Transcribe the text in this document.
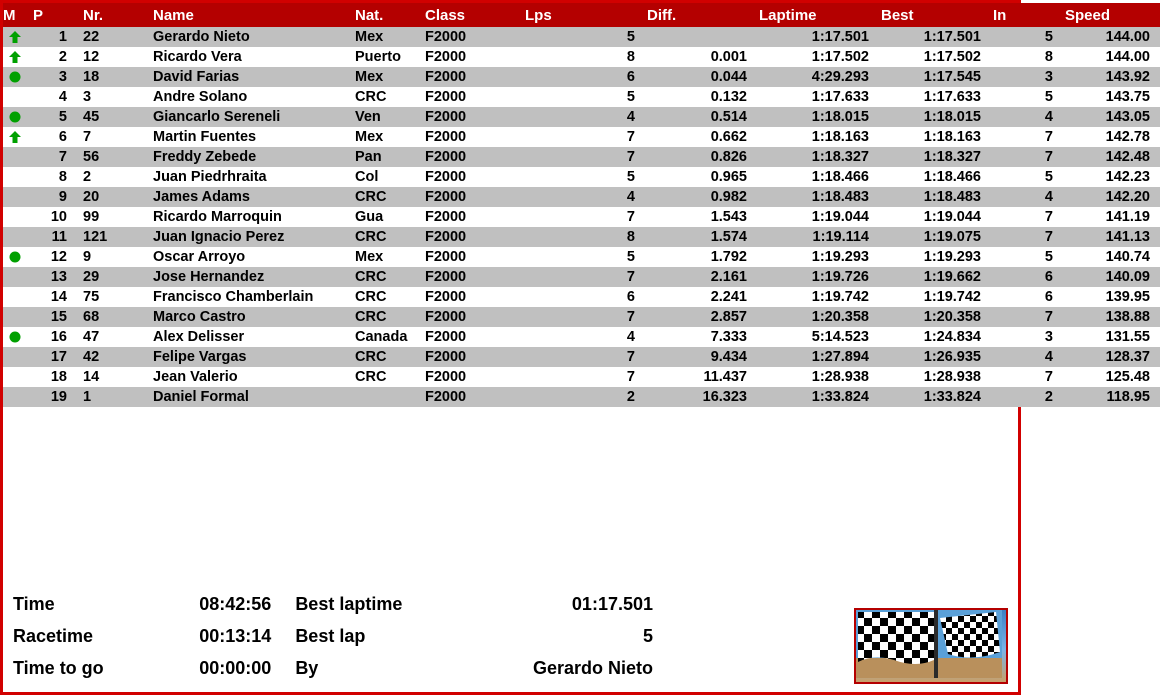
M	P	Nr.	Name	Nat.	Class	Lps	Diff.	Laptime	Best	In	Speed

	1	22	Gerardo Nieto	Mex	F2000	5		1:17.501	1:17.501	5	144.00

	2	12	Ricardo Vera	Puerto	F2000	8	0.001	1:17.502	1:17.502	8	144.00

	3	18	David Farias	Mex	F2000	6	0.044	4:29.293	1:17.545	3	143.92
	4	3	Andre Solano	CRC	F2000	5	0.132	1:17.633	1:17.633	5	143.75

	5	45	Giancarlo Sereneli	Ven	F2000	4	0.514	1:18.015	1:18.015	4	143.05

	6	7	Martin Fuentes	Mex	F2000	7	0.662	1:18.163	1:18.163	7	142.78
	7	56	Freddy Zebede	Pan	F2000	7	0.826	1:18.327	1:18.327	7	142.48
	8	2	Juan Piedrhraita	Col	F2000	5	0.965	1:18.466	1:18.466	5	142.23
	9	20	James Adams	CRC	F2000	4	0.982	1:18.483	1:18.483	4	142.20
	10	99	Ricardo Marroquin	Gua	F2000	7	1.543	1:19.044	1:19.044	7	141.19
	11	121	Juan Ignacio Perez	CRC	F2000	8	1.574	1:19.114	1:19.075	7	141.13

	12	9	Oscar Arroyo	Mex	F2000	5	1.792	1:19.293	1:19.293	5	140.74
	13	29	Jose Hernandez	CRC	F2000	7	2.161	1:19.726	1:19.662	6	140.09
	14	75	Francisco Chamberlain	CRC	F2000	6	2.241	1:19.742	1:19.742	6	139.95
	15	68	Marco Castro	CRC	F2000	7	2.857	1:20.358	1:20.358	7	138.88

	16	47	Alex Delisser	Canada	F2000	4	7.333	5:14.523	1:24.834	3	131.55
	17	42	Felipe Vargas	CRC	F2000	7	9.434	1:27.894	1:26.935	4	128.37
	18	14	Jean Valerio	CRC	F2000	7	11.437	1:28.938	1:28.938	7	125.48
	19	1	Daniel Formal		F2000	2	16.323	1:33.824	1:33.824	2	118.95
Time	08:42:56	Best laptime	01:17.501
Racetime	00:13:14	Best lap	5
Time to go	00:00:00	By	Gerardo Nieto
